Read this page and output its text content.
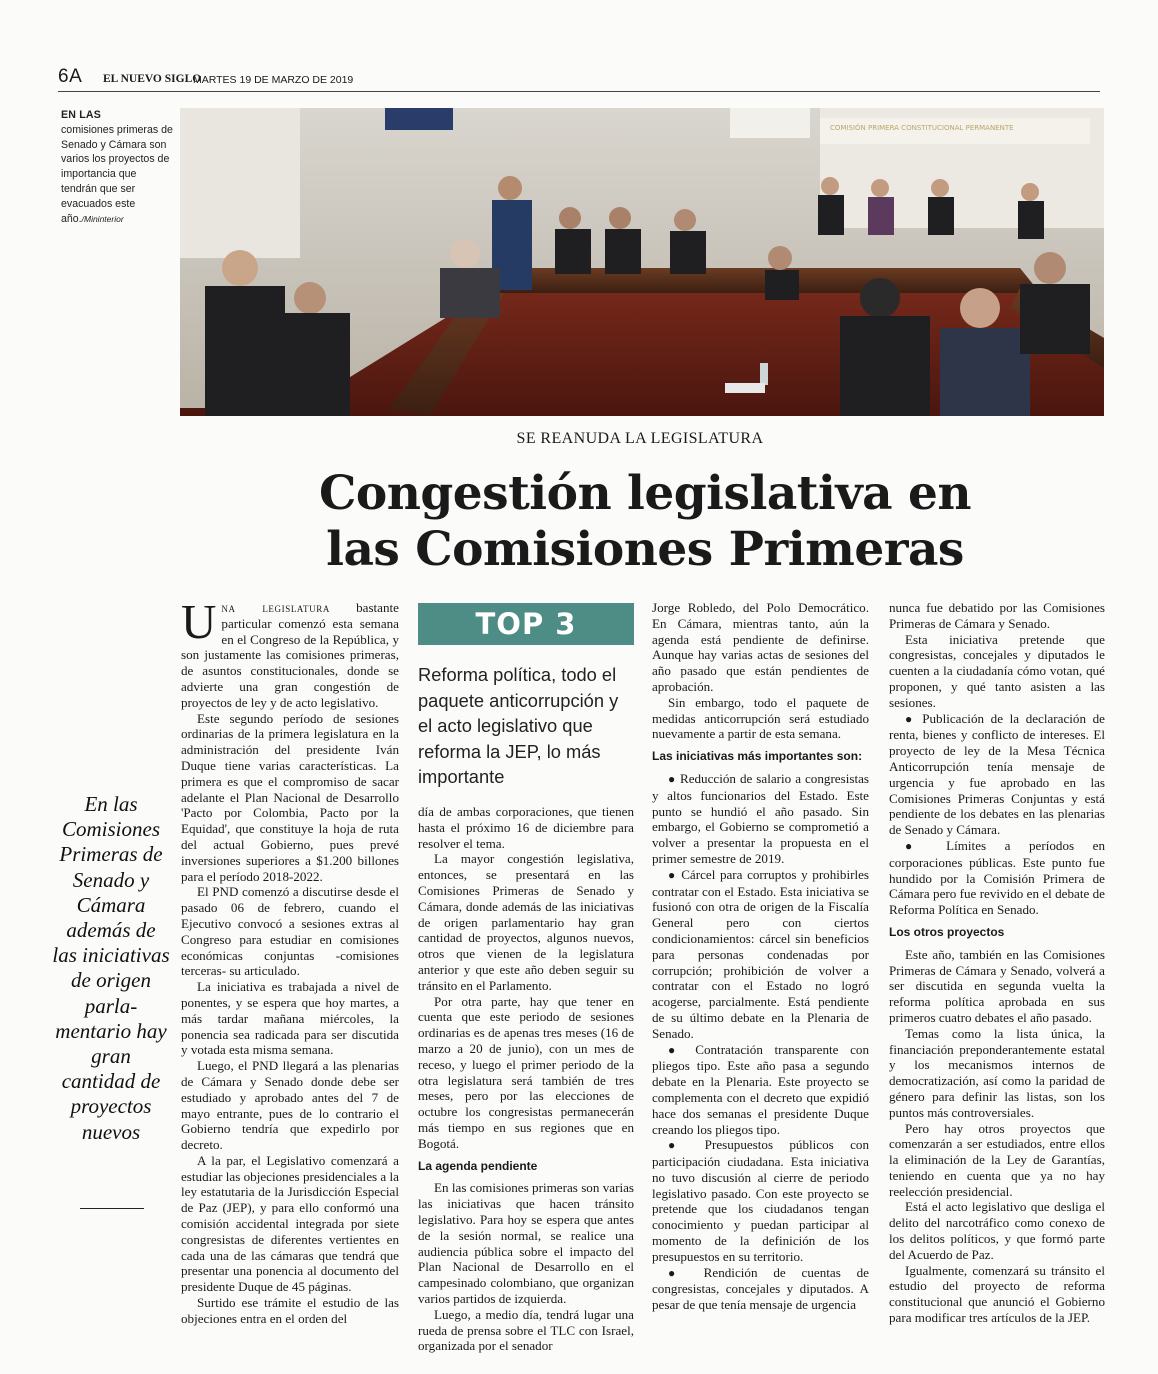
6A EL NUEVO SIGLO
MARTES 19 DE MARZO DE 2019
EN LAS
comisiones primeras de Senado y Cámara son varios los proyectos de importancia que tendrán que ser evacuados este año./Mininterior
COMISIÓN PRIMERA CONSTITUCIONAL PERMANENTE
SE REANUDA LA LEGISLATURA
Congestión legislativa en
las Comisiones Primeras
En las Comisiones Primeras de Senado y Cámara además de las iniciativas de origen parla-mentario hay gran cantidad de proyectos nuevos

Una legislatura bastante particular comenzó esta semana en el Congreso de la República, y son justamente las comisiones primeras, de asuntos constitucionales, donde se advierte una gran congestión de proyectos de ley y de acto legislativo.

Este segundo período de sesiones ordinarias de la primera legislatura en la administración del presidente Iván Duque tiene varias características. La primera es que el compromiso de sacar adelante el Plan Nacional de Desarrollo 'Pacto por Colombia, Pacto por la Equidad', que constituye la hoja de ruta del actual Gobierno, pues prevé inversiones superiores a $1.200 billones para el período 2018-2022.

El PND comenzó a discutirse desde el pasado 06 de febrero, cuando el Ejecutivo convocó a sesiones extras al Congreso para estudiar en comisiones económicas conjuntas -comisiones terceras- su articulado.

La iniciativa es trabajada a nivel de ponentes, y se espera que hoy martes, a más tardar mañana miércoles, la ponencia sea radicada para ser discutida y votada esta misma semana.

Luego, el PND llegará a las plenarias de Cámara y Senado donde debe ser estudiado y aprobado antes del 7 de mayo entrante, pues de lo contrario el Gobierno tendría que expedirlo por decreto.

A la par, el Legislativo comenzará a estudiar las objeciones presidenciales a la ley estatutaria de la Jurisdicción Especial de Paz (JEP), y para ello conformó una comisión accidental integrada por siete congresistas de diferentes vertientes en cada una de las cámaras que tendrá que presentar una ponencia al documento del presidente Duque de 45 páginas.

Surtido ese trámite el estudio de las objeciones entra en el orden del

TOP 3
Reforma política, todo el paquete anticorrupción y el acto legislativo que reforma la JEP, lo más importante

día de ambas corporaciones, que tienen hasta el próximo 16 de diciembre para resolver el tema.

La mayor congestión legislativa, entonces, se presentará en las Comisiones Primeras de Senado y Cámara, donde además de las iniciativas de origen parlamentario hay gran cantidad de proyectos, algunos nuevos, otros que vienen de la legislatura anterior y que este año deben seguir su tránsito en el Parlamento.

Por otra parte, hay que tener en cuenta que este periodo de sesiones ordinarias es de apenas tres meses (16 de marzo a 20 de junio), con un mes de receso, y luego el primer periodo de la otra legislatura será también de tres meses, pero por las elecciones de octubre los congresistas permanecerán más tiempo en sus regiones que en Bogotá.

La agenda pendiente

En las comisiones primeras son varias las iniciativas que hacen tránsito legislativo. Para hoy se espera que antes de la sesión normal, se realice una audiencia pública sobre el impacto del Plan Nacional de Desarrollo en el campesinado colombiano, que organizan varios partidos de izquierda.

Luego, a medio día, tendrá lugar una rueda de prensa sobre el TLC con Israel, organizada por el senador

Jorge Robledo, del Polo Democrático. En Cámara, mientras tanto, aún la agenda está pendiente de definirse. Aunque hay varias actas de sesiones del año pasado que están pendientes de aprobación.

Sin embargo, todo el paquete de medidas anticorrupción será estudiado nuevamente a partir de esta semana.

Las iniciativas más importantes son:

● Reducción de salario a congresistas y altos funcionarios del Estado. Este punto se hundió el año pasado. Sin embargo, el Gobierno se comprometió a volver a presentar la propuesta en el primer semestre de 2019.

● Cárcel para corruptos y prohibirles contratar con el Estado. Esta iniciativa se fusionó con otra de origen de la Fiscalía General pero con ciertos condicionamientos: cárcel sin beneficios para personas condenadas por corrupción; prohibición de volver a contratar con el Estado no logró acogerse, parcialmente. Está pendiente de su último debate en la Plenaria de Senado.

● Contratación transparente con pliegos tipo. Este año pasa a segundo debate en la Plenaria. Este proyecto se complementa con el decreto que expidió hace dos semanas el presidente Duque creando los pliegos tipo.

● Presupuestos públicos con participación ciudadana. Esta iniciativa no tuvo discusión al cierre de periodo legislativo pasado. Con este proyecto se pretende que los ciudadanos tengan conocimiento y puedan participar al momento de la definición de los presupuestos en su territorio.

● Rendición de cuentas de congresistas, concejales y diputados. A pesar de que tenía mensaje de urgencia

nunca fue debatido por las Comisiones Primeras de Cámara y Senado.

Esta iniciativa pretende que congresistas, concejales y diputados le cuenten a la ciudadanía cómo votan, qué proponen, y qué tanto asisten a las sesiones.

● Publicación de la declaración de renta, bienes y conflicto de intereses. El proyecto de ley de la Mesa Técnica Anticorrupción tenía mensaje de urgencia y fue aprobado en las Comisiones Primeras Conjuntas y está pendiente de los debates en las plenarias de Senado y Cámara.

● Límites a períodos en corporaciones públicas. Este punto fue hundido por la Comisión Primera de Cámara pero fue revivido en el debate de Reforma Política en Senado.

Los otros proyectos

Este año, también en las Comisiones Primeras de Cámara y Senado, volverá a ser discutida en segunda vuelta la reforma política aprobada en sus primeros cuatro debates el año pasado.

Temas como la lista única, la financiación preponderantemente estatal y los mecanismos internos de democratización, así como la paridad de género para definir las listas, son los puntos más controversiales.

Pero hay otros proyectos que comenzarán a ser estudiados, entre ellos la eliminación de la Ley de Garantías, teniendo en cuenta que ya no hay reelección presidencial.

Está el acto legislativo que desliga el delito del narcotráfico como conexo de los delitos políticos, y que formó parte del Acuerdo de Paz.

Igualmente, comenzará su tránsito el estudio del proyecto de reforma constitucional que anunció el Gobierno para modificar tres artículos de la JEP.
